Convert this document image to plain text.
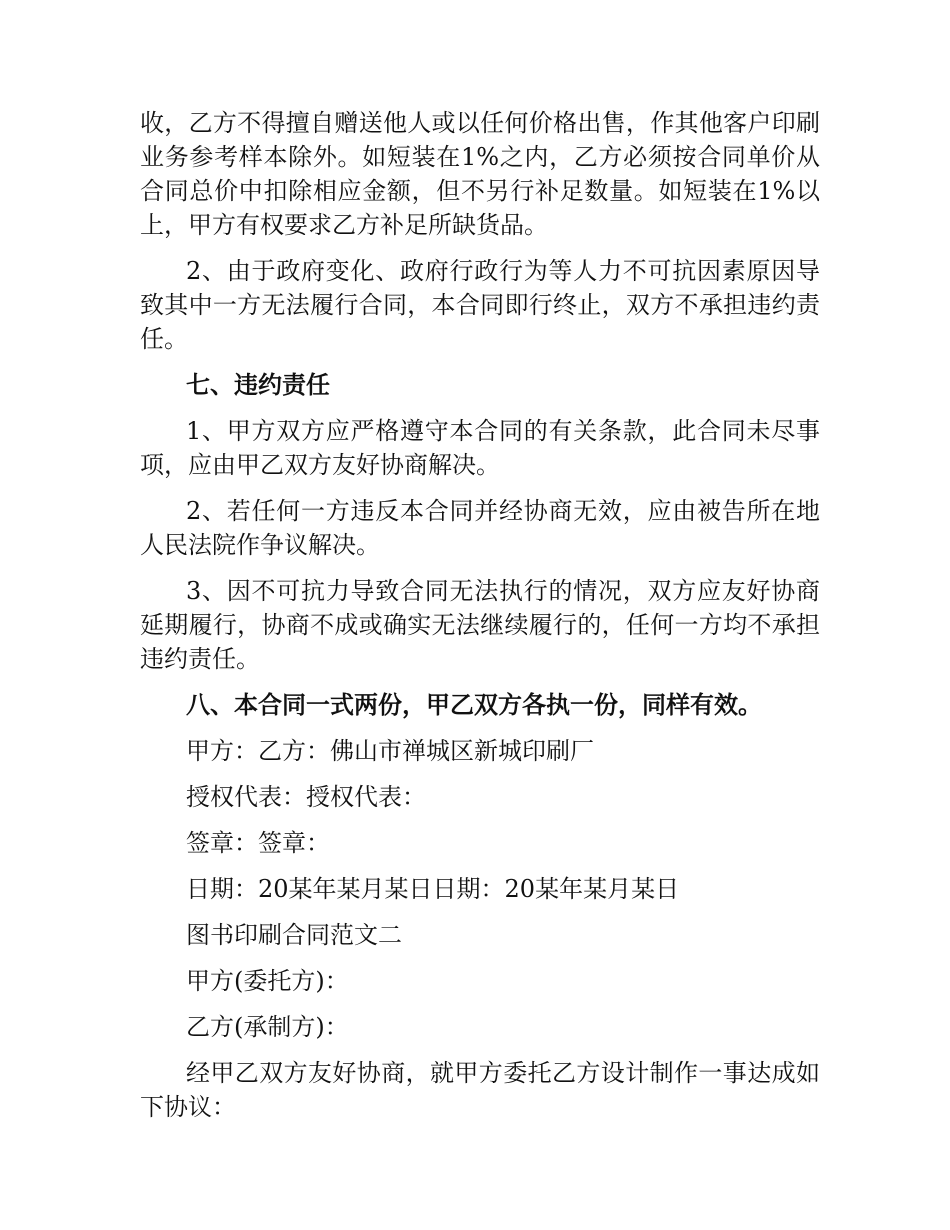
收，乙方不得擅自赠送他人或以任何价格出售，作其他客户印刷业务参考样本除外。如短装在1%之内，乙方必须按合同单价从合同总价中扣除相应金额，但不另行补足数量。如短装在1%以上，甲方有权要求乙方补足所缺货品。

2、由于政府变化、政府行政行为等人力不可抗因素原因导致其中一方无法履行合同，本合同即行终止，双方不承担违约责任。

七、违约责任

1、甲方双方应严格遵守本合同的有关条款，此合同未尽事项，应由甲乙双方友好协商解决。

2、若任何一方违反本合同并经协商无效，应由被告所在地人民法院作争议解决。

3、因不可抗力导致合同无法执行的情况，双方应友好协商延期履行，协商不成或确实无法继续履行的，任何一方均不承担违约责任。

八、本合同一式两份，甲乙双方各执一份，同样有效。

甲方：乙方：佛山市禅城区新城印刷厂

授权代表：授权代表：

签章：签章：

日期：20某年某月某日日期：20某年某月某日

图书印刷合同范文二

甲方(委托方)：

乙方(承制方)：

经甲乙双方友好协商，就甲方委托乙方设计制作一事达成如下协议：
